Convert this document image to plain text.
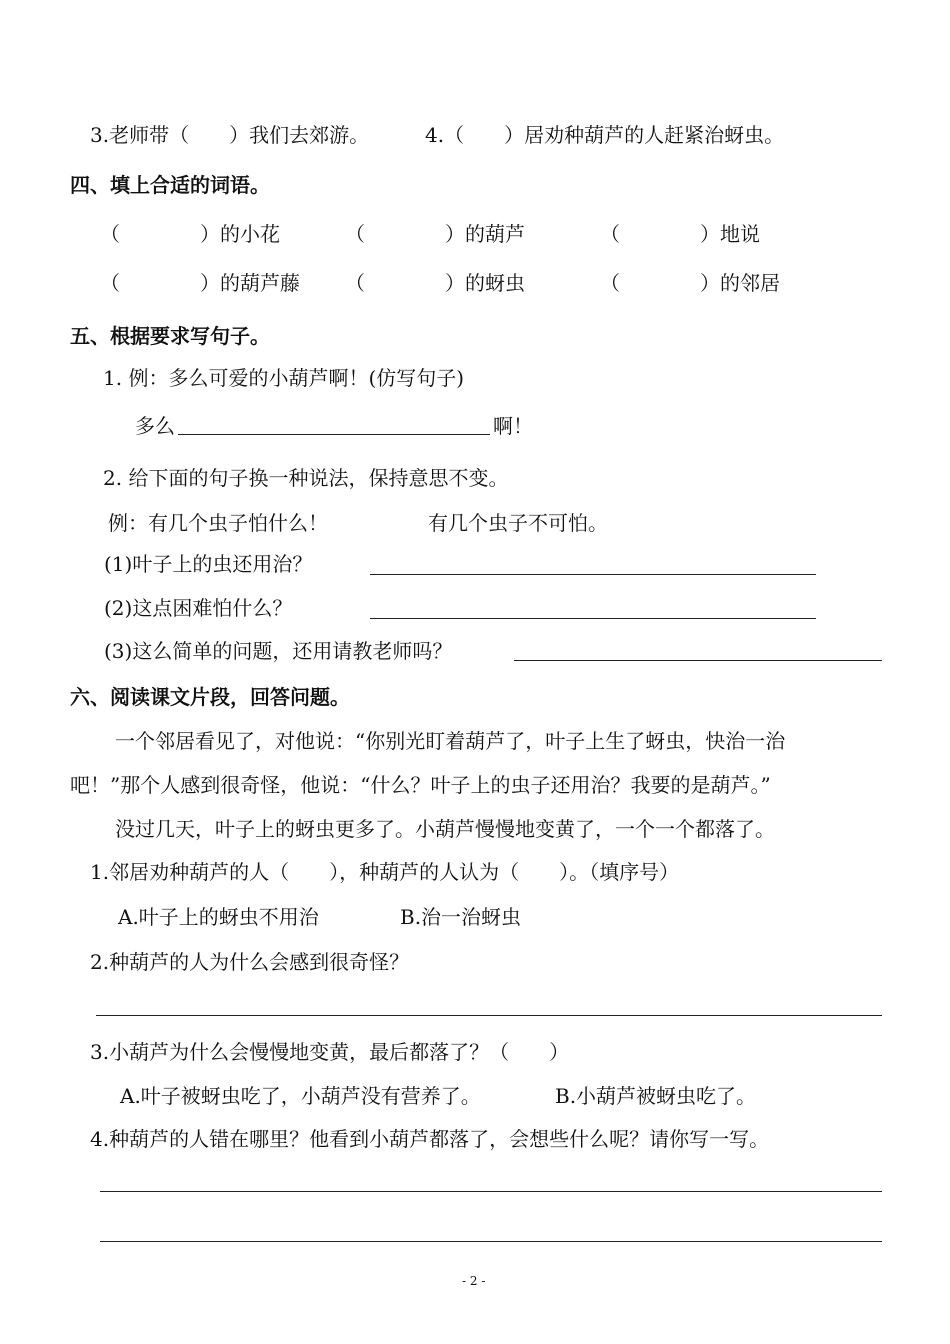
3.老师带（　　）我们去郊游。	4.（　　）居劝种葫芦的人赶紧治蚜虫。
四、填上合适的词语。
（　　　　）的小花	（　　　　）的葫芦	（　　　　）地说
（　　　　）的葫芦藤 （　　　　）的蚜虫	（　　　　）的邻居
五、根据要求写句子。
1. 例：多么可爱的小葫芦啊！(仿写句子)
多么	啊！
2. 给下面的句子换一种说法，保持意思不变。
例：有几个虫子怕什么！	有几个虫子不可怕。
(1)叶子上的虫还用治？
(2)这点困难怕什么？
(3)这么简单的问题，还用请教老师吗？
六、阅读课文片段，回答问题。
一个邻居看见了，对他说：“你别光盯着葫芦了，叶子上生了蚜虫，快治一治
吧！”那个人感到很奇怪，他说：“什么？叶子上的虫子还用治？我要的是葫芦。”
没过几天，叶子上的蚜虫更多了。小葫芦慢慢地变黄了，一个一个都落了。
1.邻居劝种葫芦的人（　　），种葫芦的人认为（　　）。（填序号）
A.叶子上的蚜虫不用治	B.治一治蚜虫
2.种葫芦的人为什么会感到很奇怪？
3.小葫芦为什么会慢慢地变黄，最后都落了？（　　）
A.叶子被蚜虫吃了，小葫芦没有营养了。	B.小葫芦被蚜虫吃了。
4.种葫芦的人错在哪里？他看到小葫芦都落了，会想些什么呢？请你写一写。
- 2 -
